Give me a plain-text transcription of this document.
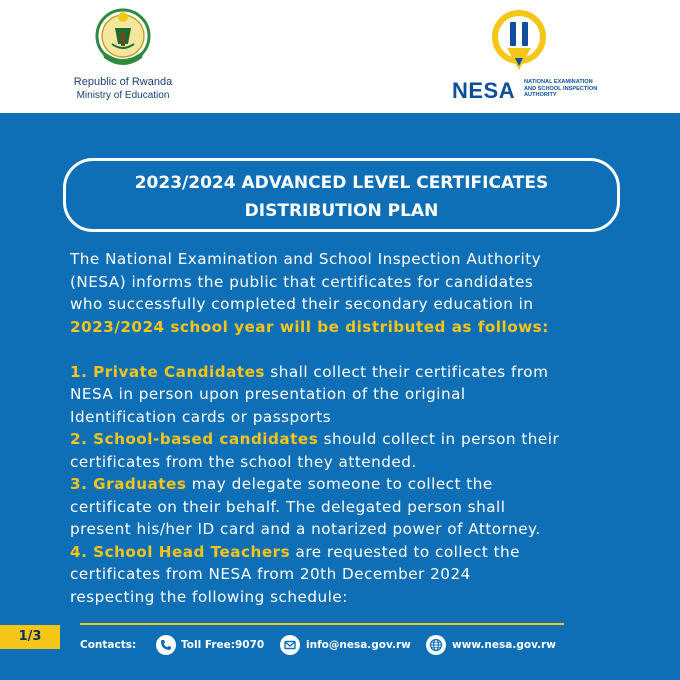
Republic of Rwanda
Ministry of Education	NESA NATIONAL EXAMINATION
AND SCHOOL INSPECTION
AUTHORITY
2023/2024 ADVANCED LEVEL CERTIFICATES
DISTRIBUTION PLAN
The National Examination and School Inspection Authority
(NESA) informs the public that certificates for candidates
who successfully completed their secondary education in
2023/2024 school year will be distributed as follows:
1. Private Candidates shall collect their certificates from
NESA in person upon presentation of the original
Identification cards or passports
2. School-based candidates should collect in person their
certificates from the school they attended.
3. Graduates may delegate someone to collect the
certificate on their behalf. The delegated person shall
present his/her ID card and a notarized power of Attorney.
4. School Head Teachers are requested to collect the
certificates from NESA from 20th December 2024
respecting the following schedule:
1/3
Contacts:	Toll Free:9070	info@nesa.gov.rw	www.nesa.gov.rw
